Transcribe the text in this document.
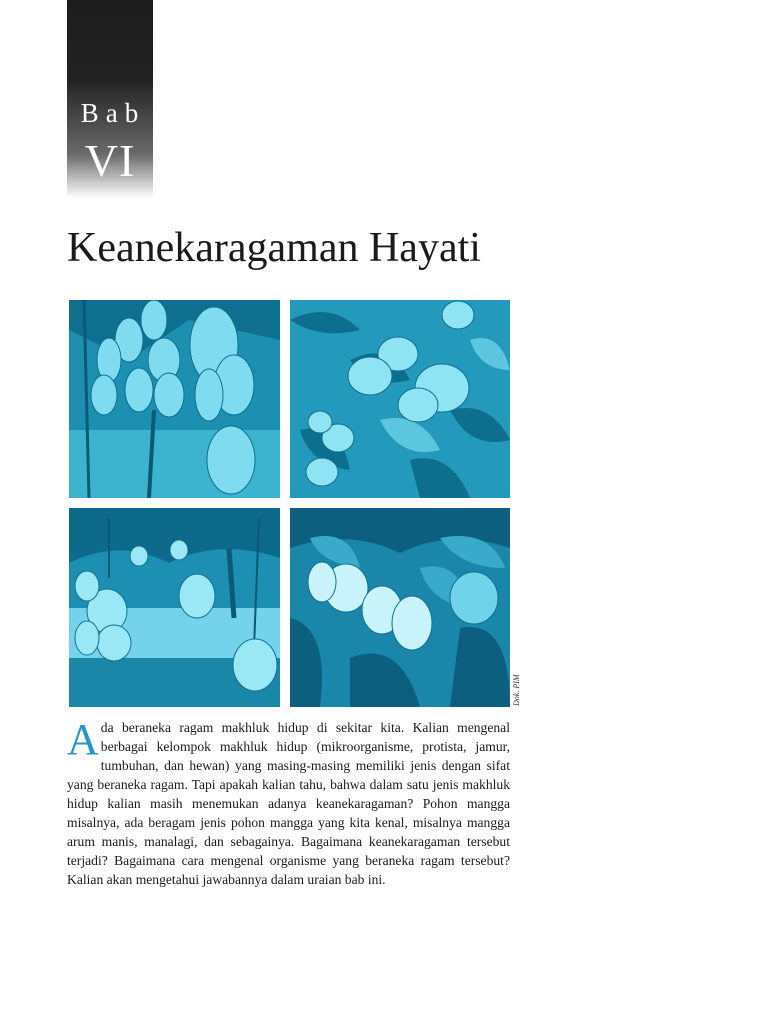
Bab
VI
Keanekaragaman Hayati
Dok. PIM

Ada beraneka ragam makhluk hidup di sekitar kita. Kalian mengenal berbagai kelompok makhluk hidup (mikroorganisme, protista, jamur, tumbuhan, dan hewan) yang masing-masing memiliki jenis dengan sifat yang beraneka ragam. Tapi apakah kalian tahu, bahwa dalam satu jenis makhluk hidup kalian masih menemukan adanya keanekaragaman? Pohon mangga misalnya, ada beragam jenis pohon mangga yang kita kenal, misalnya mangga arum manis, manalagi, dan sebagainya. Bagaimana keanekaragaman tersebut terjadi? Bagaimana cara mengenal organisme yang beraneka ragam tersebut? Kalian akan mengetahui jawabannya dalam uraian bab ini.
